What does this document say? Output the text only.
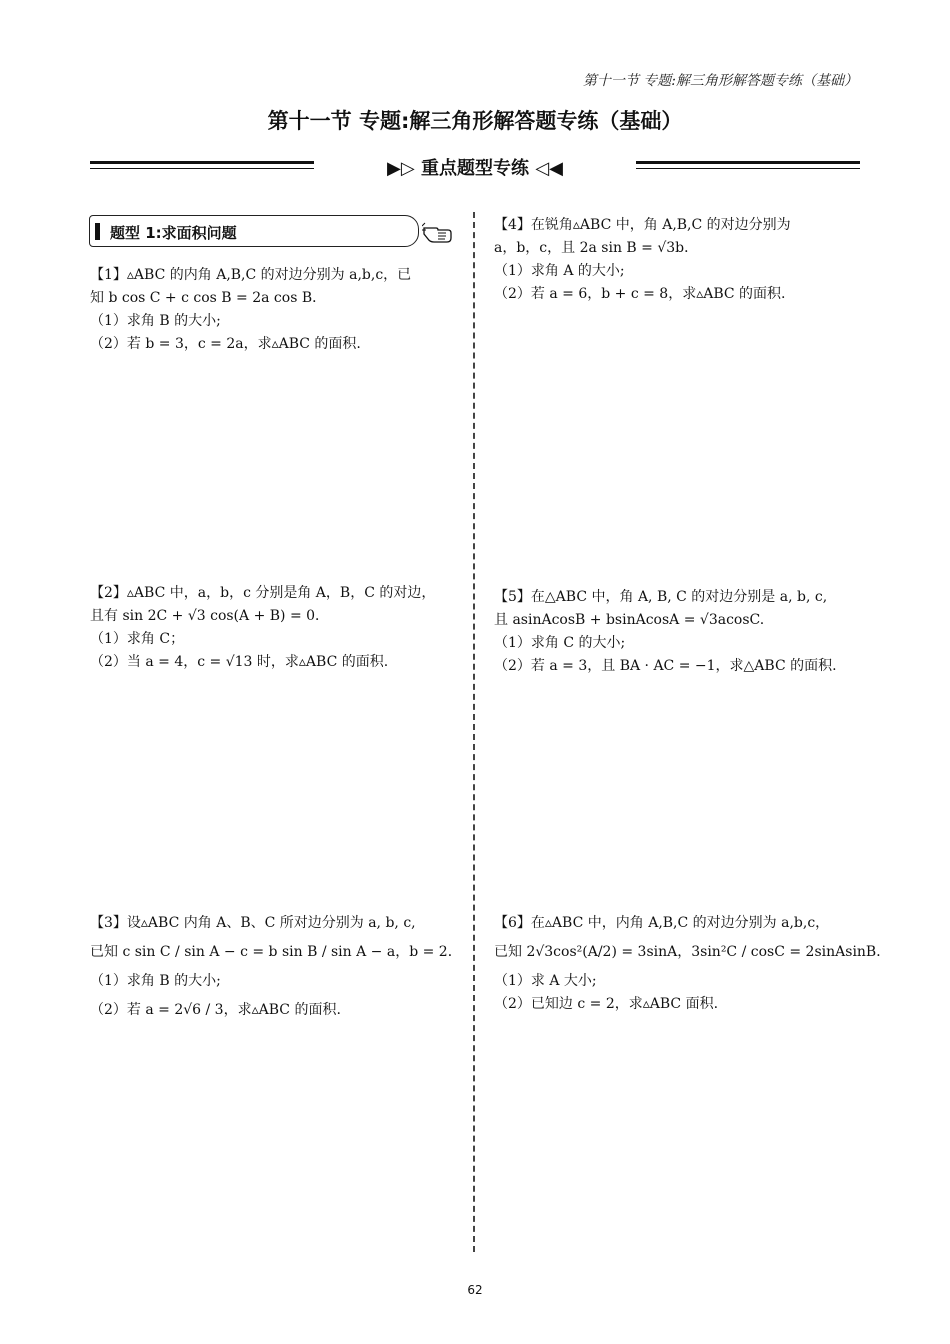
第十一节 专题:解三角形解答题专练（基础）
第十一节 专题:解三角形解答题专练（基础）
▶▷ 重点题型专练 ◁◀
题型 1:求面积问题
【1】▵ABC 的内角 A,B,C 的对边分别为 a,b,c，已
知 b cos C + c cos B = 2a cos B．
（1）求角 B 的大小;
（2）若 b = 3，c = 2a，求▵ABC 的面积.
【2】▵ABC 中，a，b，c 分别是角 A，B，C 的对边，
且有 sin 2C + √3 cos(A + B) = 0．
（1）求角 C；
（2）当 a = 4，c = √13 时，求▵ABC 的面积.
【3】设▵ABC 内角 A、B、C 所对边分别为 a, b, c,
已知 c sin C / sin A − c = b sin B / sin A − a，b = 2．
（1）求角 B 的大小;
（2）若 a = 2√6 / 3，求▵ABC 的面积.
【4】在锐角▵ABC 中，角 A,B,C 的对边分别为
a，b，c，且 2a sin B = √3b．
（1）求角 A 的大小;
（2）若 a = 6，b + c = 8，求▵ABC 的面积.
【5】在△ABC 中，角 A, B, C 的对边分别是 a, b, c,
且 asinAcosB + bsinAcosA = √3acosC.
（1）求角 C 的大小;
（2）若 a = 3，且 BA · AC = −1，求△ABC 的面积.
【6】在▵ABC 中，内角 A,B,C 的对边分别为 a,b,c，
已知 2√3cos²(A/2) = 3sinA，3sin²C / cosC = 2sinAsinB．
（1）求 A 大小;
（2）已知边 c = 2，求▵ABC 面积.
62
